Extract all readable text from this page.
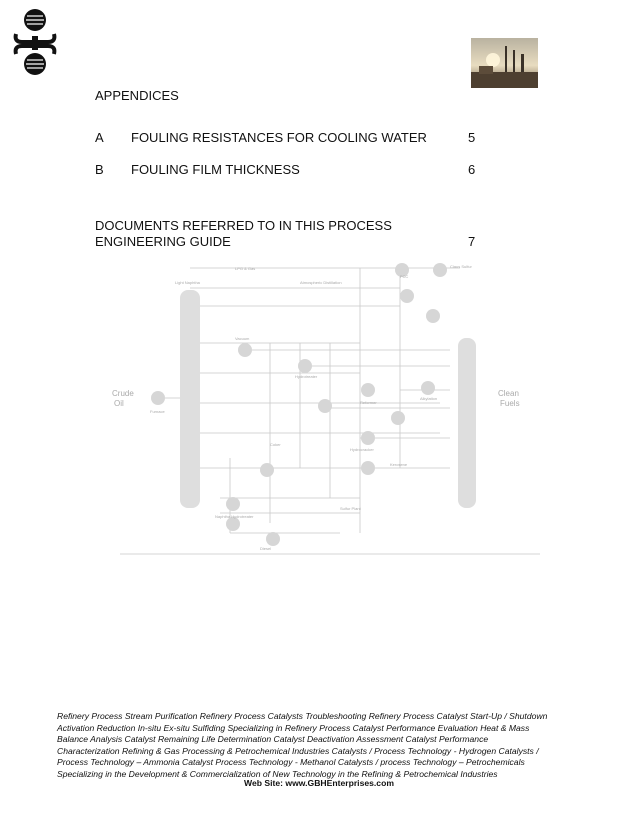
APPENDICES
A FOULING RESISTANCES FOR COOLING WATER	5
B FOULING FILM THICKNESS	6
DOCUMENTS REFERRED TO IN THIS PROCESS
ENGINEERING GUIDE	7
Crude
Oil
Clean
Fuels
LPG & Gas	Claus Sulfur
Light Naphtha	Atmospheric Distillation
Furnace
Vacuum
Hydrotreater
Reformer
FCC
Alkylation
Hydrocracker
Coker
Naphtha Hydrotreater
Sulfur Plant
Kerosene
Diesel
Refinery Process Stream Purification Refinery Process Catalysts Troubleshooting Refinery Process Catalyst Start-Up / Shutdown
Activation Reduction In-situ Ex-situ Sulfiding Specializing in Refinery Process Catalyst Performance Evaluation Heat & Mass
Balance Analysis Catalyst Remaining Life Determination Catalyst Deactivation Assessment Catalyst Performance
Characterization Refining & Gas Processing & Petrochemical Industries Catalysts / Process Technology - Hydrogen Catalysts /
Process Technology – Ammonia Catalyst Process Technology - Methanol Catalysts / process Technology – Petrochemicals
Specializing in the Development & Commercialization of New Technology in the Refining & Petrochemical Industries
Web Site: www.GBHEnterprises.com
